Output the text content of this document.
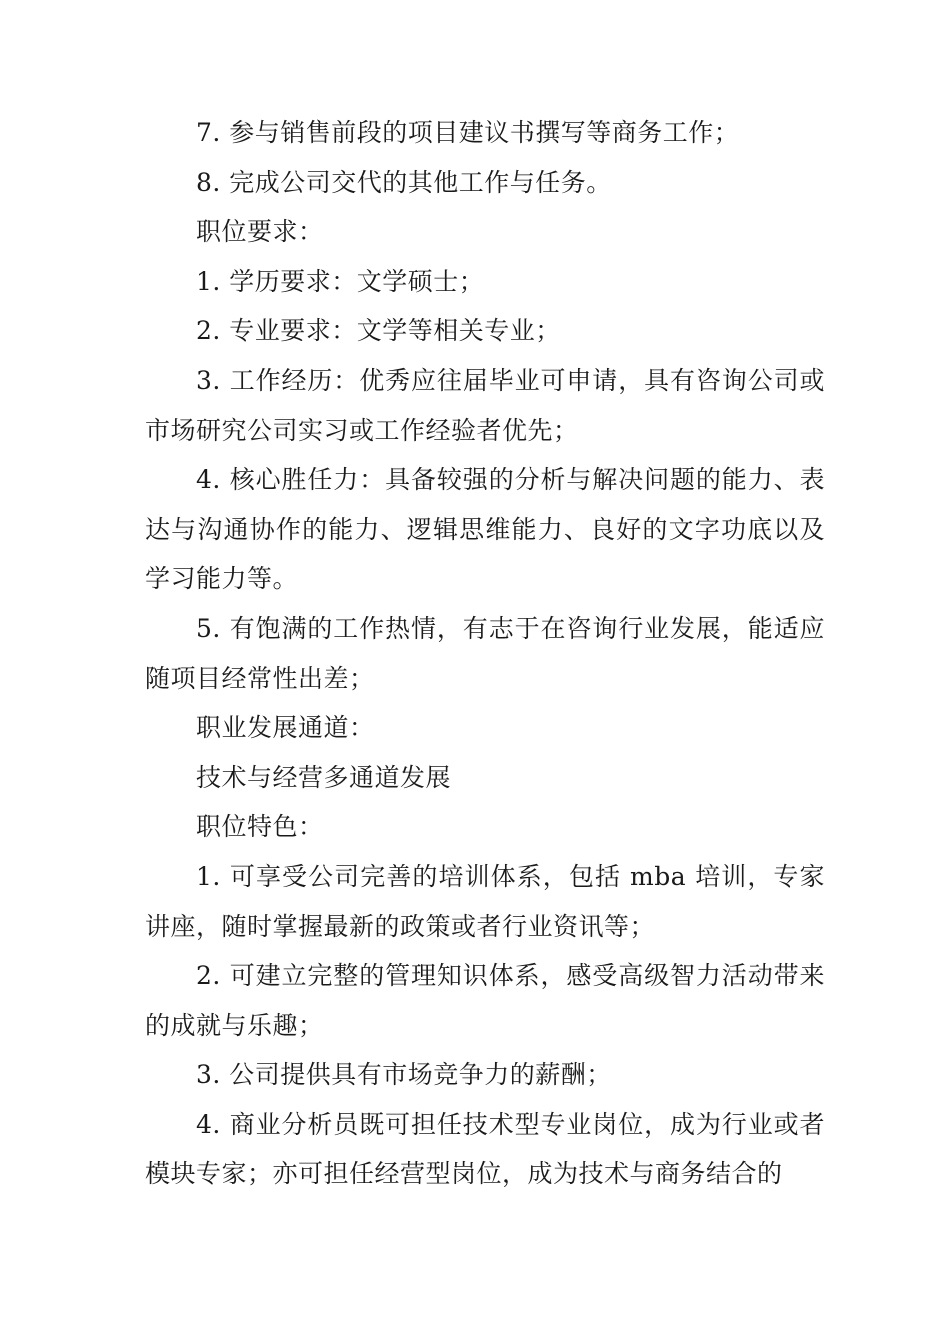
7. 参与销售前段的项目建议书撰写等商务工作；

8. 完成公司交代的其他工作与任务。

职位要求：

1. 学历要求：文学硕士；

2. 专业要求：文学等相关专业；

3. 工作经历：优秀应往届毕业可申请，具有咨询公司或市场研究公司实习或工作经验者优先；

4. 核心胜任力：具备较强的分析与解决问题的能力、表达与沟通协作的能力、逻辑思维能力、良好的文字功底以及学习能力等。

5. 有饱满的工作热情，有志于在咨询行业发展，能适应随项目经常性出差；

职业发展通道：

技术与经营多通道发展

职位特色：

1. 可享受公司完善的培训体系，包括 mba 培训，专家讲座，随时掌握最新的政策或者行业资讯等；

2. 可建立完整的管理知识体系，感受高级智力活动带来的成就与乐趣；

3. 公司提供具有市场竞争力的薪酬；

4. 商业分析员既可担任技术型专业岗位，成为行业或者模块专家；亦可担任经营型岗位，成为技术与商务结合的
